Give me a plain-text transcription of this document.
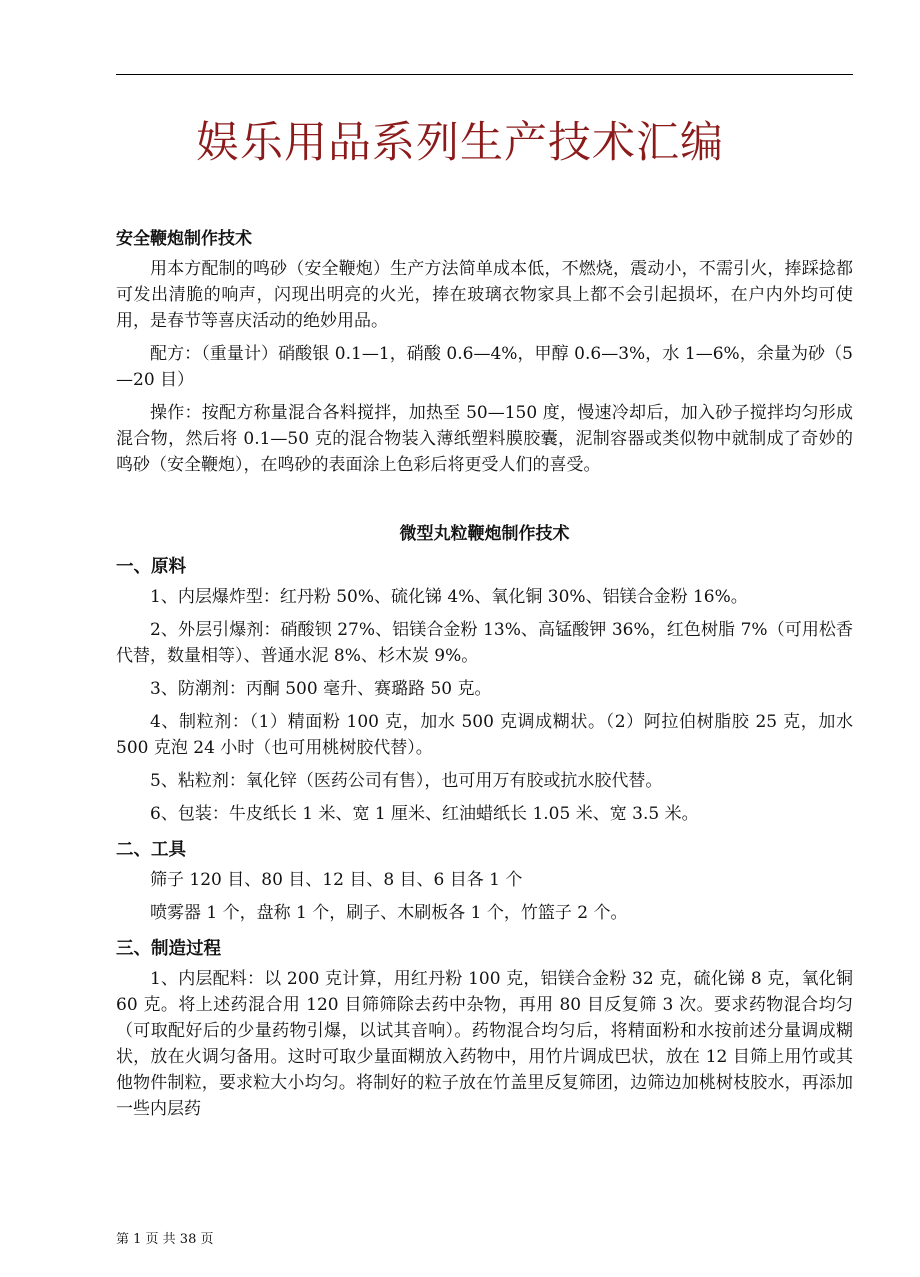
娱乐用品系列生产技术汇编
安全鞭炮制作技术

用本方配制的鸣砂（安全鞭炮）生产方法简单成本低，不燃烧，震动小，不需引火，捧踩捻都可发出清脆的响声，闪现出明亮的火光，捧在玻璃衣物家具上都不会引起损坏，在户内外均可使用，是春节等喜庆活动的绝妙用品。

配方：（重量计）硝酸银 0.1—1，硝酸 0.6—4%，甲醇 0.6—3%，水 1—6%，余量为砂（5—20 目）

操作：按配方称量混合各料搅拌，加热至 50—150 度，慢速冷却后，加入砂子搅拌均匀形成混合物，然后将 0.1—50 克的混合物装入薄纸塑料膜胶囊，泥制容器或类似物中就制成了奇妙的鸣砂（安全鞭炮），在鸣砂的表面涂上色彩后将更受人们的喜受。

微型丸粒鞭炮制作技术
一、原料

1、内层爆炸型：红丹粉 50%、硫化锑 4%、氧化铜 30%、铝镁合金粉 16%。

2、外层引爆剂：硝酸钡 27%、铝镁合金粉 13%、高锰酸钾 36%，红色树脂 7%（可用松香代替，数量相等）、普通水泥 8%、杉木炭 9%。

3、防潮剂：丙酮 500 毫升、赛璐路 50 克。

4、制粒剂：（1）精面粉 100 克，加水 500 克调成糊状。（2）阿拉伯树脂胶 25 克，加水 500 克泡 24 小时（也可用桃树胶代替）。

5、粘粒剂：氧化锌（医药公司有售），也可用万有胶或抗水胶代替。

6、包装：牛皮纸长 1 米、宽 1 厘米、红油蜡纸长 1.05 米、宽 3.5 米。

二、工具

筛子 120 目、80 目、12 目、8 目、6 目各 1 个

喷雾器 1 个，盘称 1 个，刷子、木刷板各 1 个，竹篮子 2 个。

三、制造过程

1、内层配料：以 200 克计算，用红丹粉 100 克，铝镁合金粉 32 克，硫化锑 8 克，氧化铜 60 克。将上述药混合用 120 目筛筛除去药中杂物，再用 80 目反复筛 3 次。要求药物混合均匀（可取配好后的少量药物引爆，以试其音响）。药物混合均匀后，将精面粉和水按前述分量调成糊状，放在火调匀备用。这时可取少量面糊放入药物中，用竹片调成巴状，放在 12 目筛上用竹或其他物件制粒，要求粒大小均匀。将制好的粒子放在竹盖里反复筛团，边筛边加桃树枝胶水，再添加一些内层药

第 1 页 共 38 页
